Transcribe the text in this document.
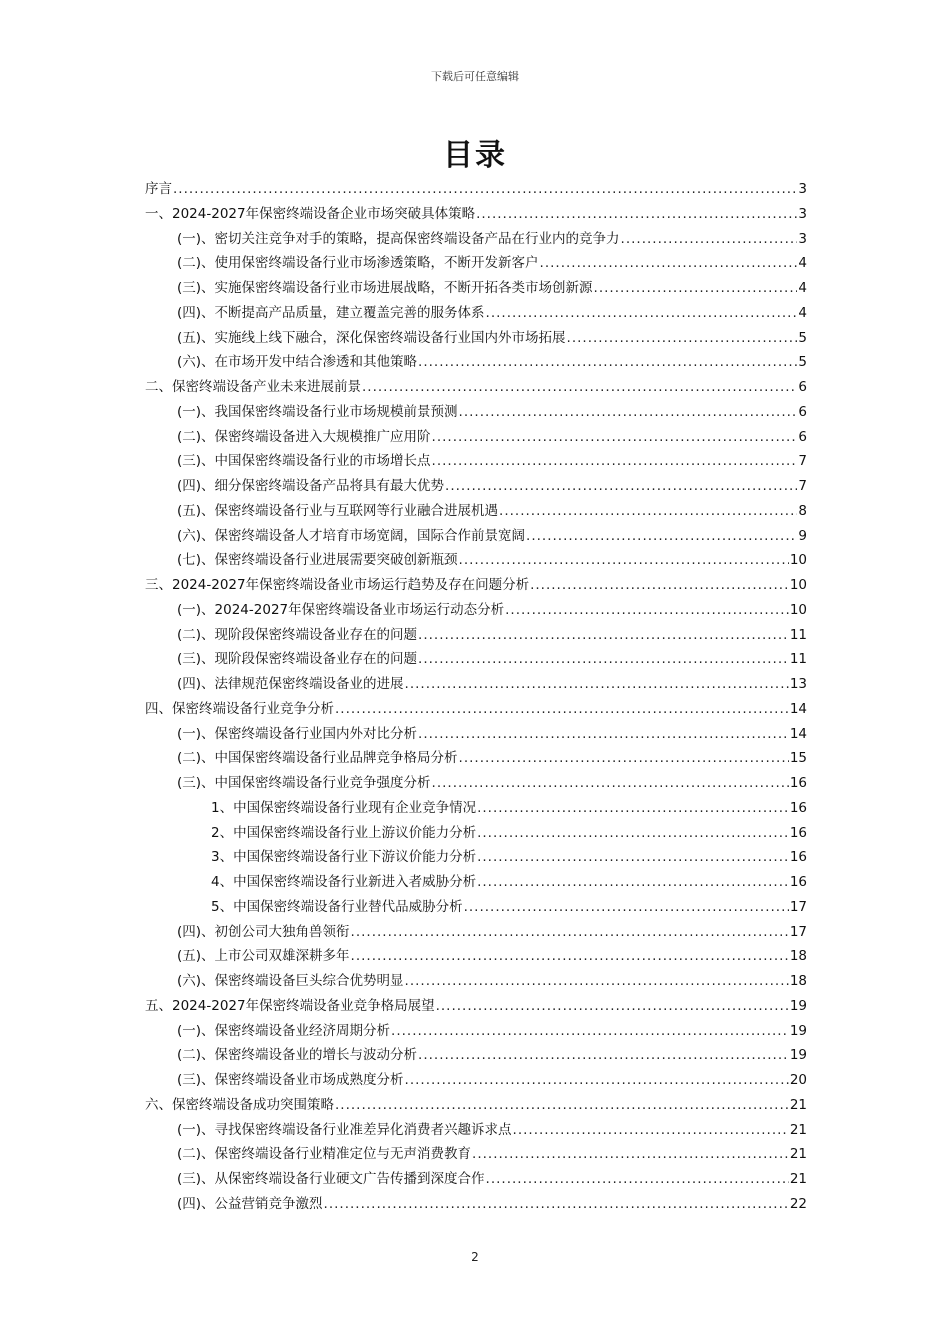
下载后可任意编辑
目录
序言 .....	3
一、2024-2027年保密终端设备企业市场突破具体策略 .....	3
(一)、密切关注竞争对手的策略，提高保密终端设备产品在行业内的竞争力 .....	3
(二)、使用保密终端设备行业市场渗透策略，不断开发新客户 .....	4
(三)、实施保密终端设备行业市场进展战略，不断开拓各类市场创新源 .....	4
(四)、不断提高产品质量，建立覆盖完善的服务体系 .....	4
(五)、实施线上线下融合，深化保密终端设备行业国内外市场拓展 .....	5
(六)、在市场开发中结合渗透和其他策略 .....	5
二、保密终端设备产业未来进展前景 .....	6
(一)、我国保密终端设备行业市场规模前景预测 .....	6
(二)、保密终端设备进入大规模推广应用阶 .....	6
(三)、中国保密终端设备行业的市场增长点 .....	7
(四)、细分保密终端设备产品将具有最大优势 .....	7
(五)、保密终端设备行业与互联网等行业融合进展机遇 .....	8
(六)、保密终端设备人才培育市场宽阔，国际合作前景宽阔 .....	9
(七)、保密终端设备行业进展需要突破创新瓶颈 .....	10
三、2024-2027年保密终端设备业市场运行趋势及存在问题分析 .....	10
(一)、2024-2027年保密终端设备业市场运行动态分析 .....	10
(二)、现阶段保密终端设备业存在的问题 .....	11
(三)、现阶段保密终端设备业存在的问题 .....	11
(四)、法律规范保密终端设备业的进展 .....	13
四、保密终端设备行业竞争分析 .....	14
(一)、保密终端设备行业国内外对比分析 .....	14
(二)、中国保密终端设备行业品牌竞争格局分析 .....	15
(三)、中国保密终端设备行业竞争强度分析 .....	16
1、中国保密终端设备行业现有企业竞争情况 .....	16
2、中国保密终端设备行业上游议价能力分析 .....	16
3、中国保密终端设备行业下游议价能力分析 .....	16
4、中国保密终端设备行业新进入者威胁分析 .....	16
5、中国保密终端设备行业替代品威胁分析 .....	17
(四)、初创公司大独角兽领衔 .....	17
(五)、上市公司双雄深耕多年 .....	18
(六)、保密终端设备巨头综合优势明显 .....	18
五、2024-2027年保密终端设备业竞争格局展望 .....	19
(一)、保密终端设备业经济周期分析 .....	19
(二)、保密终端设备业的增长与波动分析 .....	19
(三)、保密终端设备业市场成熟度分析 .....	20
六、保密终端设备成功突围策略 .....	21
(一)、寻找保密终端设备行业准差异化消费者兴趣诉求点 .....	21
(二)、保密终端设备行业精准定位与无声消费教育 .....	21
(三)、从保密终端设备行业硬文广告传播到深度合作 .....	21
(四)、公益营销竞争激烈 .....	22
2
